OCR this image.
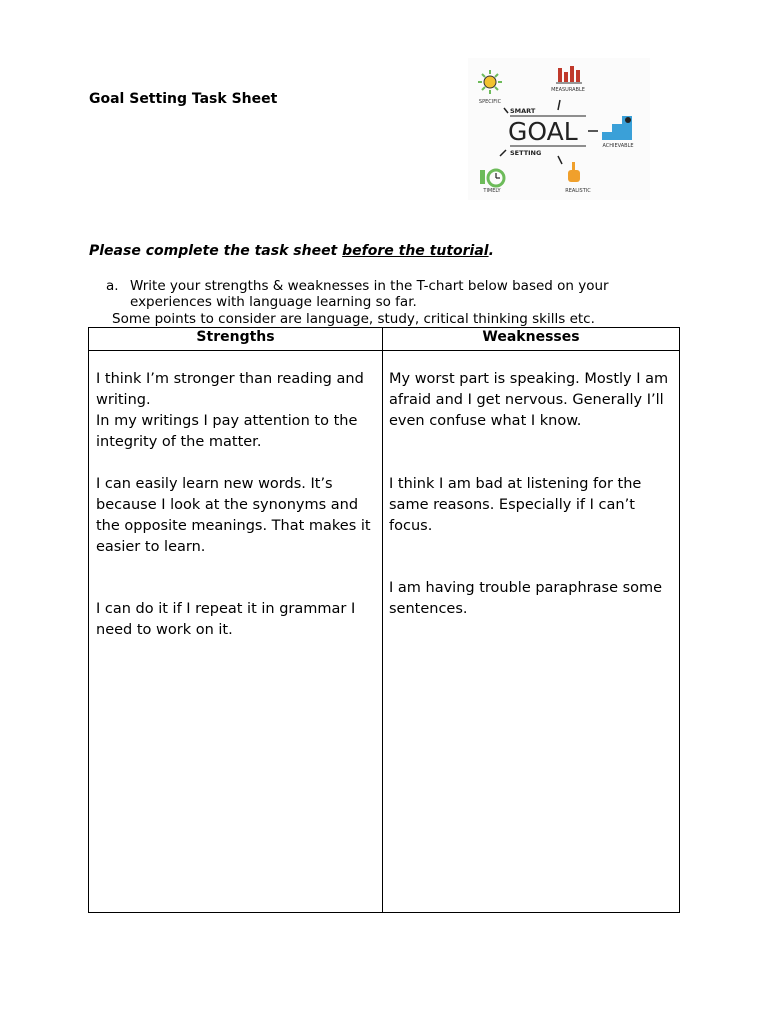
Goal Setting Task Sheet	SPECIFIC
MEASURABLE
SMART
GOAL
SETTING
ACHIEVABLE
REALISTIC
TIMELY
Please complete the task sheet before the tutorial.
a. Write your strengths & weaknesses in the T-chart below based on your
experiences with language learning so far.
Some points to consider are language, study, critical thinking skills etc.
Strengths	Weaknesses
I think I’m stronger than reading and writing.
In my writings I pay attention to the integrity of the matter.
I can easily learn new words. It’s because I look at the synonyms and the opposite meanings. That makes it easier to learn.
I can do it if I repeat it in grammar I need to work on it.
My worst part is speaking. Mostly I am afraid and I get nervous. Generally I’ll even confuse what I know.
I think I am bad at listening for the same reasons. Especially if I can’t focus.
I am having trouble paraphrase some sentences.
